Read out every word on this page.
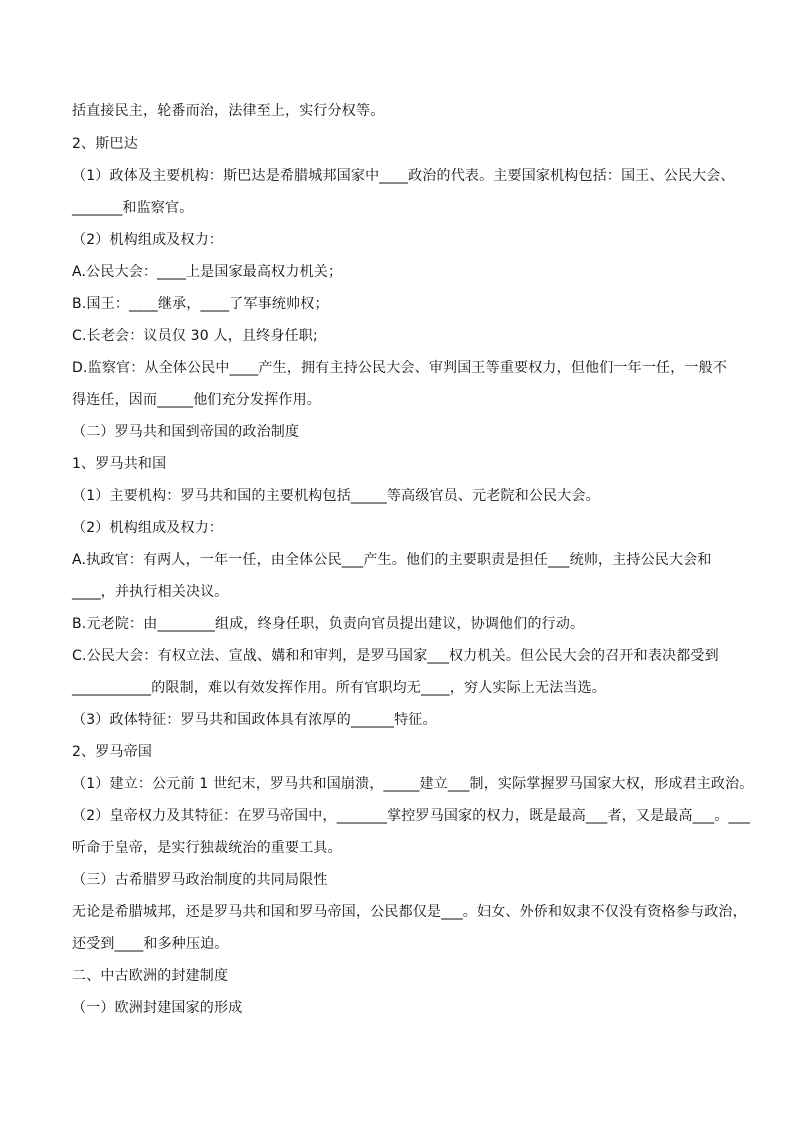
括直接民主，轮番而治，法律至上，实行分权等。
2、斯巴达
（1）政体及主要机构：斯巴达是希腊城邦国家中____政治的代表。主要国家机构包括：国王、公民大会、
_______和监察官。
（2）机构组成及权力：
A.公民大会：____上是国家最高权力机关；
B.国王：____继承，____了军事统帅权；
C.长老会：议员仅 30 人，且终身任职;
D.监察官：从全体公民中____产生，拥有主持公民大会、审判国王等重要权力，但他们一年一任，一般不
得连任，因而_____他们充分发挥作用。
（二）罗马共和国到帝国的政治制度
1、罗马共和国
（1）主要机构：罗马共和国的主要机构包括_____等高级官员、元老院和公民大会。
（2）机构组成及权力：
A.执政官：有两人，一年一任，由全体公民___产生。他们的主要职责是担任___统帅，主持公民大会和
____，并执行相关决议。
B.元老院：由________组成，终身任职，负责向官员提出建议，协调他们的行动。
C.公民大会：有权立法、宣战、媾和和审判，是罗马国家___权力机关。但公民大会的召开和表决都受到
___________的限制，难以有效发挥作用。所有官职均无____，穷人实际上无法当选。
（3）政体特征：罗马共和国政体具有浓厚的______特征。
2、罗马帝国
（1）建立：公元前 1 世纪末，罗马共和国崩溃，_____建立___制，实际掌握罗马国家大权，形成君主政治。
（2）皇帝权力及其特征：在罗马帝国中，_______掌控罗马国家的权力，既是最高___者，又是最高___。___
听命于皇帝，是实行独裁统治的重要工具。
（三）古希腊罗马政治制度的共同局限性
无论是希腊城邦，还是罗马共和国和罗马帝国，公民都仅是___。妇女、外侨和奴隶不仅没有资格参与政治，
还受到____和多种压迫。
二、中古欧洲的封建制度
（一）欧洲封建国家的形成
